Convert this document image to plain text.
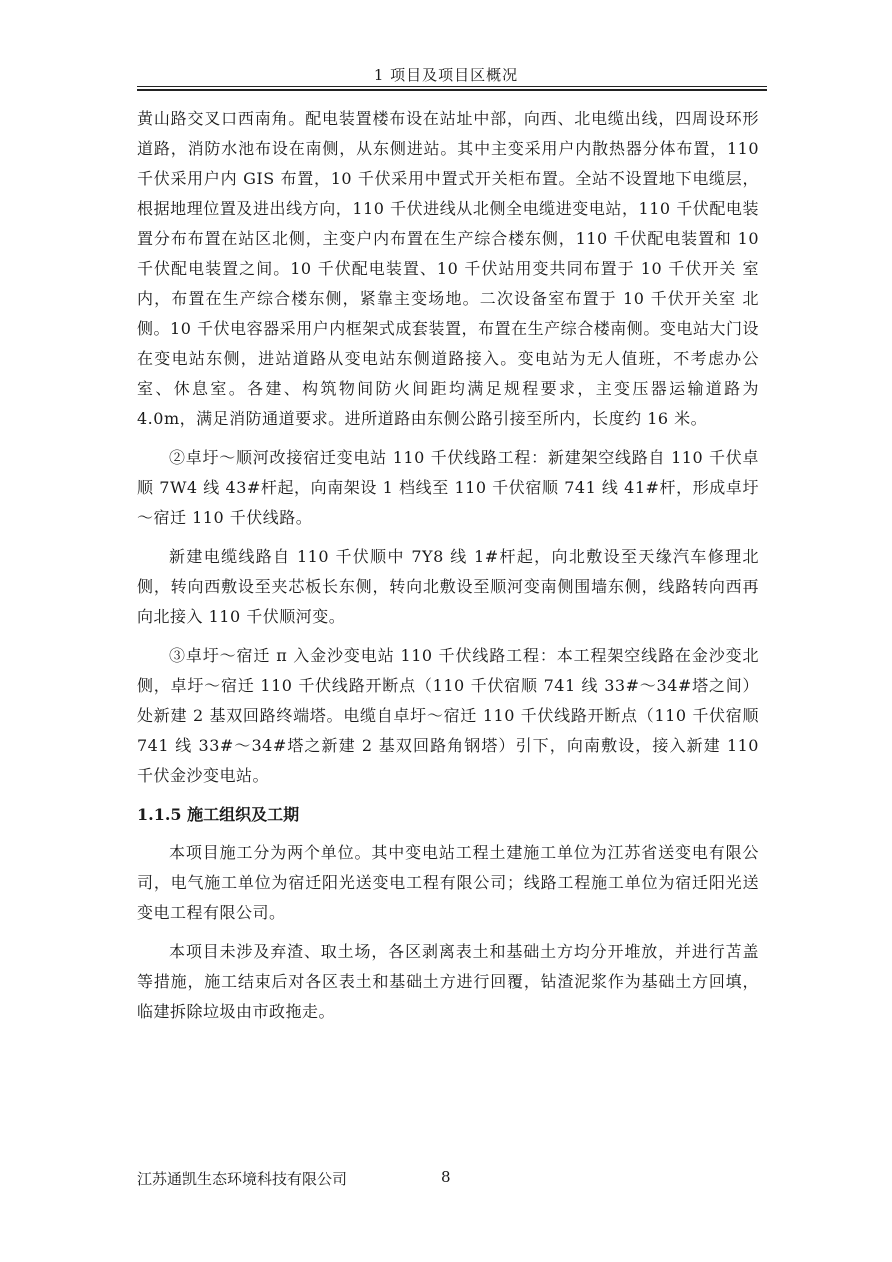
1 项目及项目区概况

黄山路交叉口西南角。配电装置楼布设在站址中部，向西、北电缆出线，四周设环形道路，消防水池布设在南侧，从东侧进站。其中主变采用户内散热器分体布置，110 千伏采用户内 GIS 布置，10 千伏采用中置式开关柜布置。全站不设置地下电缆层，根据地理位置及进出线方向，110 千伏进线从北侧全电缆进变电站，110 千伏配电装置分布布置在站区北侧，主变户内布置在生产综合楼东侧，110 千伏配电装置和 10 千伏配电装置之间。10 千伏配电装置、10 千伏站用变共同布置于 10 千伏开关 室内，布置在生产综合楼东侧，紧靠主变场地。二次设备室布置于 10 千伏开关室 北侧。10 千伏电容器采用户内框架式成套装置，布置在生产综合楼南侧。变电站大门设在变电站东侧，进站道路从变电站东侧道路接入。变电站为无人值班，不考虑办公室、休息室。各建、构筑物间防火间距均满足规程要求，主变压器运输道路为 4.0m，满足消防通道要求。进所道路由东侧公路引接至所内，长度约 16 米。

②卓圩～顺河改接宿迁变电站 110 千伏线路工程：新建架空线路自 110 千伏卓顺 7W4 线 43#杆起，向南架设 1 档线至 110 千伏宿顺 741 线 41#杆，形成卓圩～宿迁 110 千伏线路。

新建电缆线路自 110 千伏顺中 7Y8 线 1#杆起，向北敷设至天缘汽车修理北侧，转向西敷设至夹芯板长东侧，转向北敷设至顺河变南侧围墙东侧，线路转向西再 向北接入 110 千伏顺河变。

③卓圩～宿迁 π 入金沙变电站 110 千伏线路工程：本工程架空线路在金沙变北侧，卓圩～宿迁 110 千伏线路开断点（110 千伏宿顺 741 线 33#～34#塔之间）处新建 2 基双回路终端塔。电缆自卓圩～宿迁 110 千伏线路开断点（110 千伏宿顺 741 线 33#～34#塔之新建 2 基双回路角钢塔）引下，向南敷设，接入新建 110 千伏金沙变电站。

1.1.5 施工组织及工期

本项目施工分为两个单位。其中变电站工程土建施工单位为江苏省送变电有限公司，电气施工单位为宿迁阳光送变电工程有限公司；线路工程施工单位为宿迁阳光送变电工程有限公司。

本项目未涉及弃渣、取土场，各区剥离表土和基础土方均分开堆放，并进行苫盖等措施，施工结束后对各区表土和基础土方进行回覆，钻渣泥浆作为基础土方回填，临建拆除垃圾由市政拖走。

江苏通凯生态环境科技有限公司	8
